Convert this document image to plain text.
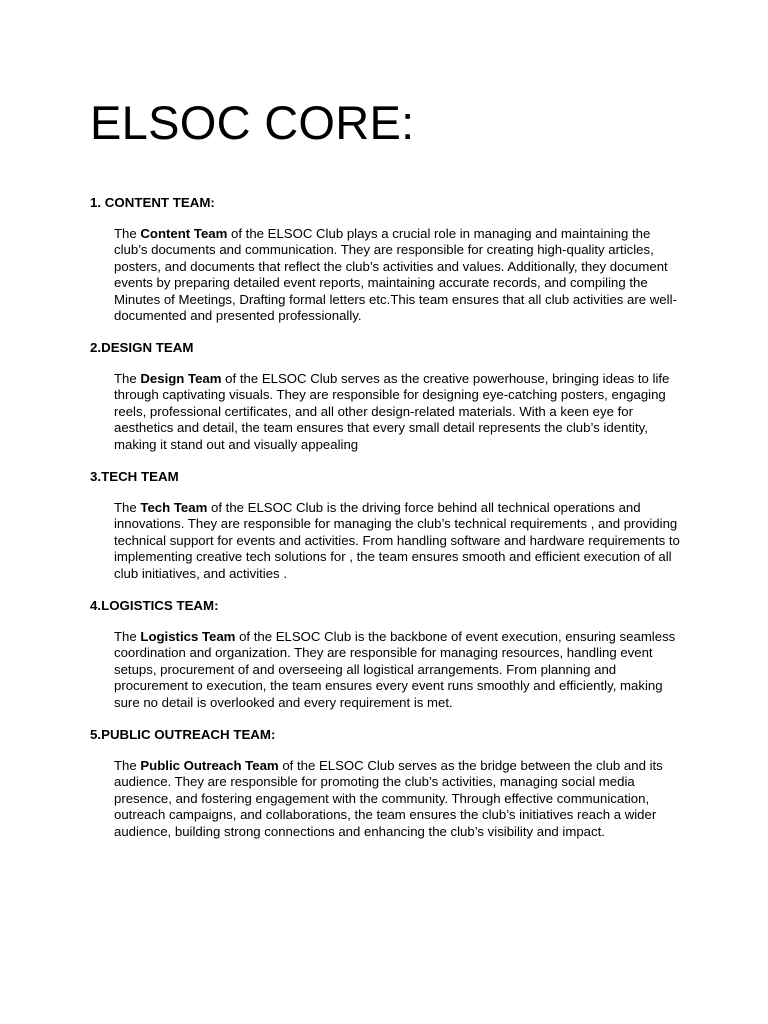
ELSOC CORE:
1. CONTENT TEAM:

The Content Team of the ELSOC Club plays a crucial role in managing and maintaining the club’s documents and communication. They are responsible for creating high-quality articles, posters, and documents that reflect the club’s activities and values. Additionally, they document events by preparing detailed event reports, maintaining accurate records, and compiling the Minutes of Meetings, Drafting formal letters etc.This team ensures that all club activities are well-documented and presented professionally.

2.DESIGN TEAM

The Design Team of the ELSOC Club serves as the creative powerhouse, bringing ideas to life through captivating visuals. They are responsible for designing eye-catching posters, engaging reels, professional certificates, and all other design-related materials. With a keen eye for aesthetics and detail, the team ensures that every small detail represents the club’s identity, making it stand out and visually appealing

3.TECH TEAM

The Tech Team of the ELSOC Club is the driving force behind all technical operations and innovations. They are responsible for managing the club’s technical requirements , and providing technical support for events and activities. From handling software and hardware requirements to implementing creative tech solutions for , the team ensures smooth and efficient execution of all club initiatives, and activities .

4.LOGISTICS TEAM:

The Logistics Team of the ELSOC Club is the backbone of event execution, ensuring seamless coordination and organization. They are responsible for managing resources, handling event setups, procurement of and overseeing all logistical arrangements. From planning and procurement to execution, the team ensures every event runs smoothly and efficiently, making sure no detail is overlooked and every requirement is met.

5.PUBLIC OUTREACH TEAM:

The Public Outreach Team of the ELSOC Club serves as the bridge between the club and its audience. They are responsible for promoting the club’s activities, managing social media presence, and fostering engagement with the community. Through effective communication, outreach campaigns, and collaborations, the team ensures the club’s initiatives reach a wider audience, building strong connections and enhancing the club’s visibility and impact.
